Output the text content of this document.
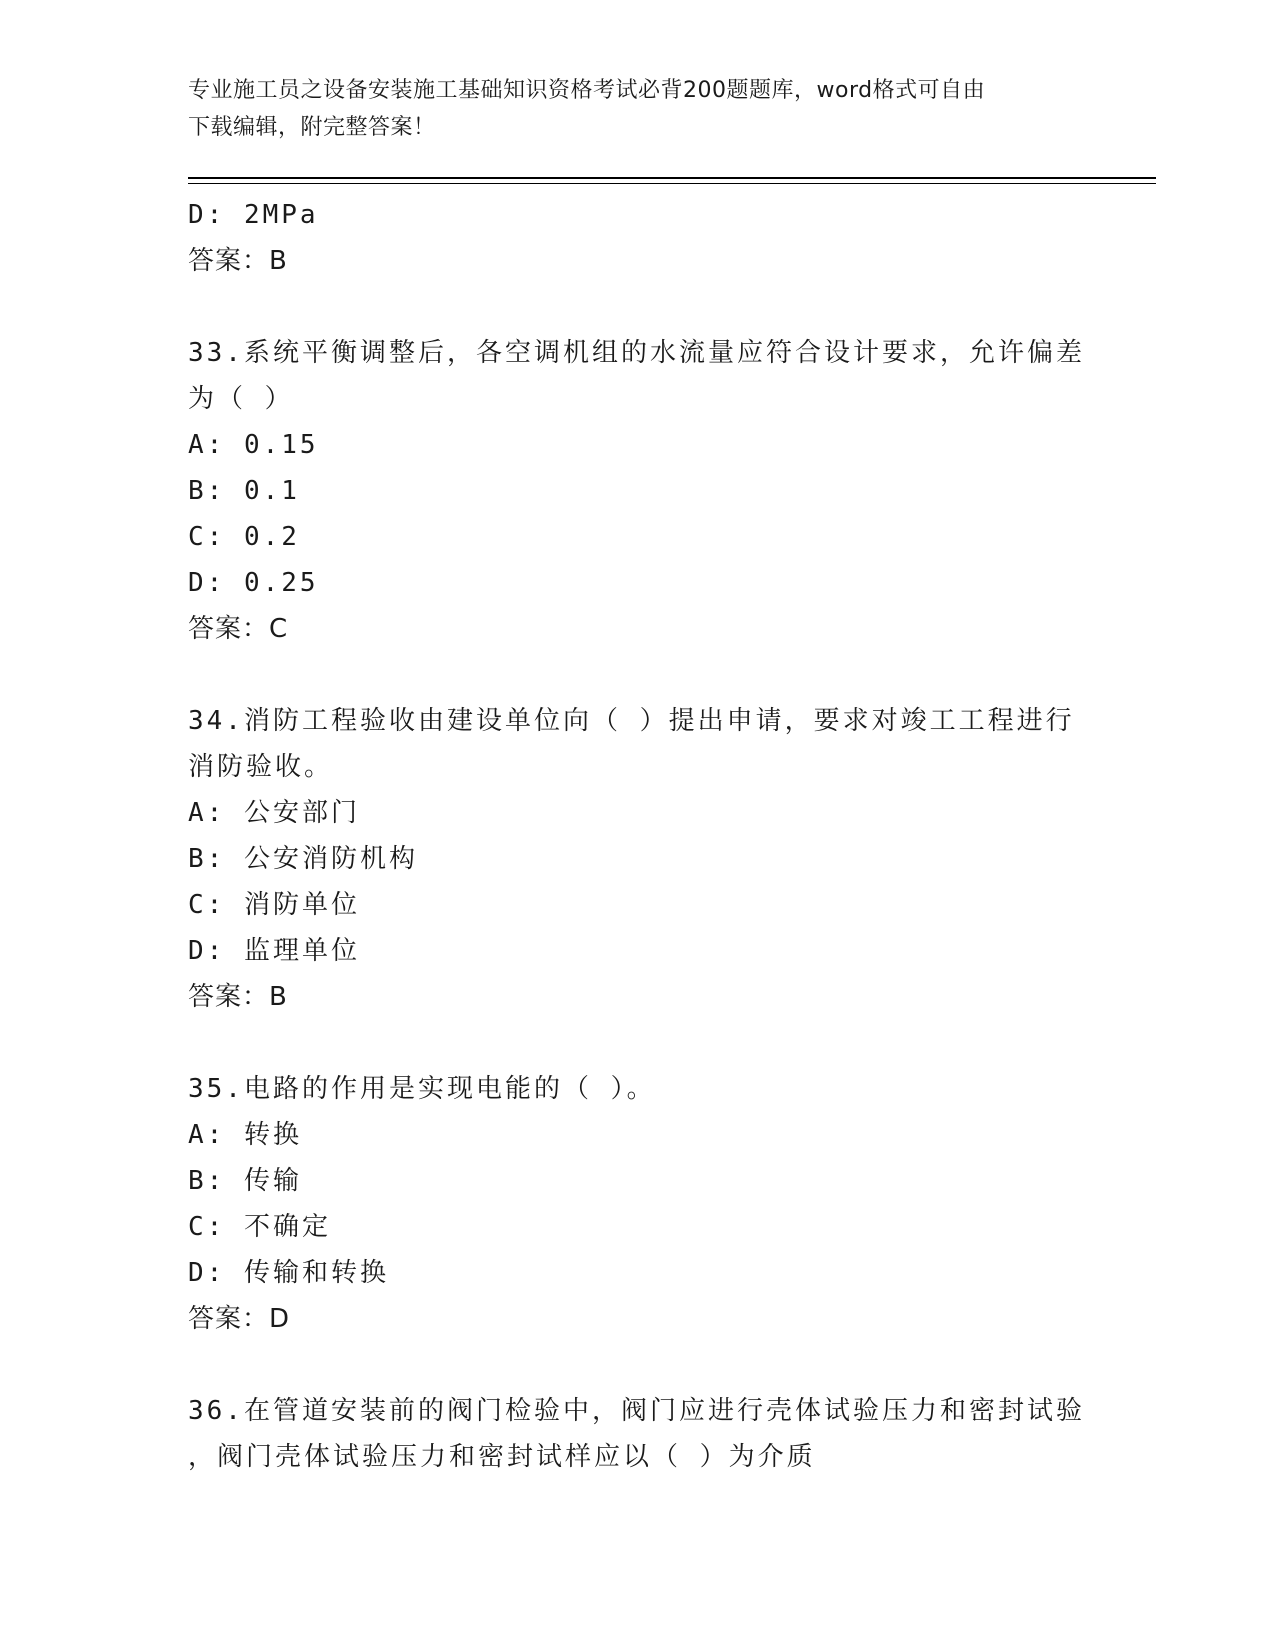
专业施工员之设备安装施工基础知识资格考试必背200题题库，word格式可自由
下载编辑，附完整答案！
D: 2MPa
答案：B
33.系统平衡调整后，各空调机组的水流量应符合设计要求，允许偏差
为（ ）
A: 0.15
B: 0.1
C: 0.2
D: 0.25
答案：C
34.消防工程验收由建设单位向（ ）提出申请，要求对竣工工程进行
消防验收。
A: 公安部门
B: 公安消防机构
C: 消防单位
D: 监理单位
答案：B
35.电路的作用是实现电能的（ ）。
A: 转换
B: 传输
C: 不确定
D: 传输和转换
答案：D
36.在管道安装前的阀门检验中，阀门应进行壳体试验压力和密封试验
，阀门壳体试验压力和密封试样应以（ ）为介质
